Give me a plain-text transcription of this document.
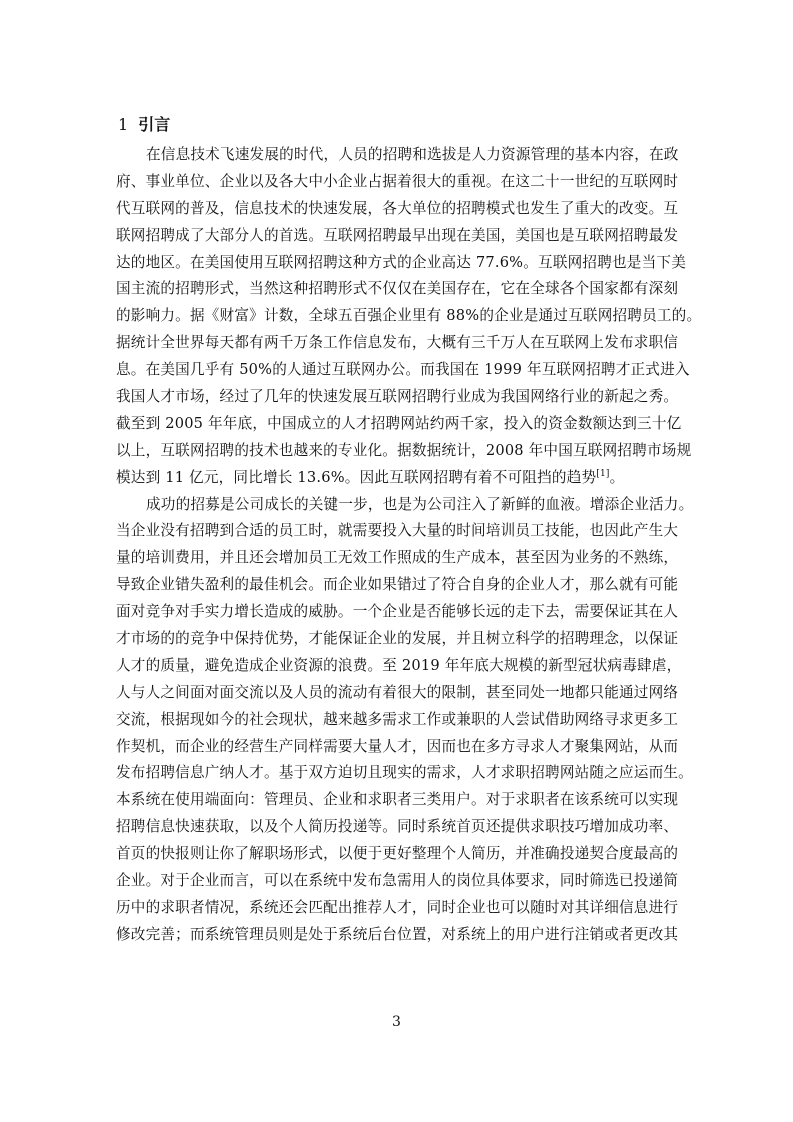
1 引言
在信息技术飞速发展的时代，人员的招聘和选拔是人力资源管理的基本内容，在政
府、事业单位、企业以及各大中小企业占据着很大的重视。在这二十一世纪的互联网时
代互联网的普及，信息技术的快速发展，各大单位的招聘模式也发生了重大的改变。互
联网招聘成了大部分人的首选。互联网招聘最早出现在美国，美国也是互联网招聘最发
达的地区。在美国使用互联网招聘这种方式的企业高达 77.6%。互联网招聘也是当下美
国主流的招聘形式，当然这种招聘形式不仅仅在美国存在，它在全球各个国家都有深刻
的影响力。据《财富》计数，全球五百强企业里有 88%的企业是通过互联网招聘员工的。
据统计全世界每天都有两千万条工作信息发布，大概有三千万人在互联网上发布求职信
息。在美国几乎有 50%的人通过互联网办公。而我国在 1999 年互联网招聘才正式进入
我国人才市场，经过了几年的快速发展互联网招聘行业成为我国网络行业的新起之秀。
截至到 2005 年年底，中国成立的人才招聘网站约两千家，投入的资金数额达到三十亿
以上，互联网招聘的技术也越来的专业化。据数据统计，2008 年中国互联网招聘市场规
模达到 11 亿元，同比增长 13.6%。因此互联网招聘有着不可阻挡的趋势[1]。
成功的招募是公司成长的关键一步，也是为公司注入了新鲜的血液。增添企业活力。
当企业没有招聘到合适的员工时，就需要投入大量的时间培训员工技能，也因此产生大
量的培训费用，并且还会增加员工无效工作照成的生产成本，甚至因为业务的不熟练，
导致企业错失盈利的最佳机会。而企业如果错过了符合自身的企业人才，那么就有可能
面对竞争对手实力增长造成的威胁。一个企业是否能够长远的走下去，需要保证其在人
才市场的的竞争中保持优势，才能保证企业的发展，并且树立科学的招聘理念，以保证
人才的质量，避免造成企业资源的浪费。至 2019 年年底大规模的新型冠状病毒肆虐，
人与人之间面对面交流以及人员的流动有着很大的限制，甚至同处一地都只能通过网络
交流，根据现如今的社会现状，越来越多需求工作或兼职的人尝试借助网络寻求更多工
作契机，而企业的经营生产同样需要大量人才，因而也在多方寻求人才聚集网站，从而
发布招聘信息广纳人才。基于双方迫切且现实的需求，人才求职招聘网站随之应运而生。
本系统在使用端面向：管理员、企业和求职者三类用户。对于求职者在该系统可以实现
招聘信息快速获取，以及个人简历投递等。同时系统首页还提供求职技巧增加成功率、
首页的快报则让你了解职场形式，以便于更好整理个人简历，并准确投递契合度最高的
企业。对于企业而言，可以在系统中发布急需用人的岗位具体要求，同时筛选已投递简
历中的求职者情况，系统还会匹配出推荐人才，同时企业也可以随时对其详细信息进行
修改完善；而系统管理员则是处于系统后台位置，对系统上的用户进行注销或者更改其
3
